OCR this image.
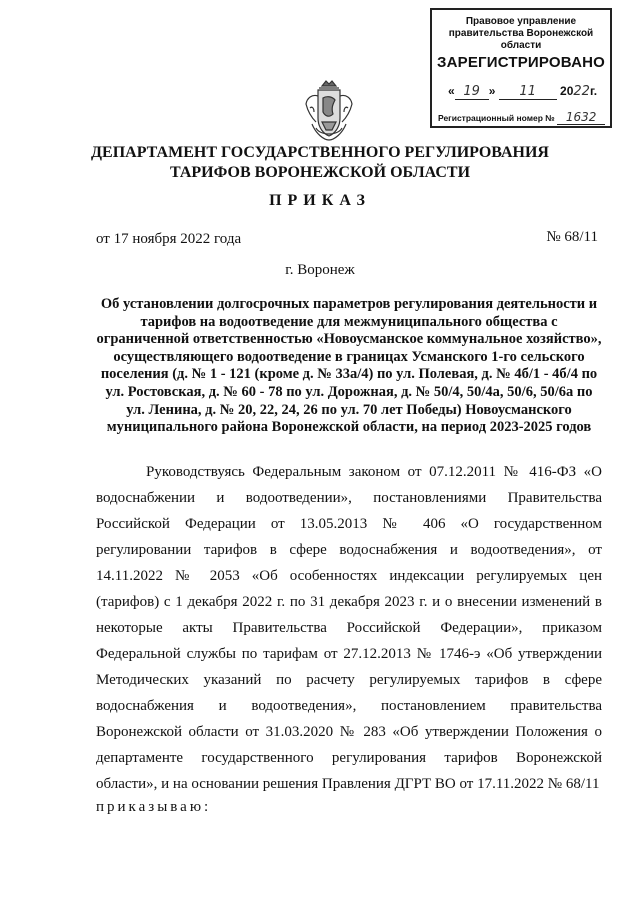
Правовое управление правительства Воронежской области
ЗАРЕГИСТРИРОВАНО
« 19 » 11 2022г.
Регистрационный номер № 1632
ДЕПАРТАМЕНТ ГОСУДАРСТВЕННОГО РЕГУЛИРОВАНИЯ ТАРИФОВ ВОРОНЕЖСКОЙ ОБЛАСТИ
ПРИКАЗ
от 17 ноября 2022 года	№ 68/11
г. Воронеж
Об установлении долгосрочных параметров регулирования деятельности и тарифов на водоотведение для межмуниципального общества с ограниченной ответственностью «Новоусманское коммунальное хозяйство», осуществляющего водоотведение в границах Усманского 1-го сельского поселения (д. № 1 - 121 (кроме д. № 33а/4) по ул. Полевая, д. № 4б/1 - 4б/4 по ул. Ростовская, д. № 60 - 78 по ул. Дорожная, д. № 50/4, 50/4а, 50/6, 50/6а по ул. Ленина, д. № 20, 22, 24, 26 по ул. 70 лет Победы) Новоусманского муниципального района Воронежской области, на период 2023-2025 годов
Руководствуясь Федеральным законом от 07.12.2011 № 416-ФЗ «О водоснабжении и водоотведении», постановлениями Правительства Российской Федерации от 13.05.2013 № 406 «О государственном регулировании тарифов в сфере водоснабжения и водоотведения», от 14.11.2022 № 2053 «Об особенностях индексации регулируемых цен (тарифов) с 1 декабря 2022 г. по 31 декабря 2023 г. и о внесении изменений в некоторые акты Правительства Российской Федерации», приказом Федеральной службы по тарифам от 27.12.2013 № 1746-э «Об утверждении Методических указаний по расчету регулируемых тарифов в сфере водоснабжения и водоотведения», постановлением правительства Воронежской области от 31.03.2020 № 283 «Об утверждении Положения о департаменте государственного регулирования тарифов Воронежской области», и на основании решения Правления ДГРТ ВО от 17.11.2022 № 68/11
приказываю:
